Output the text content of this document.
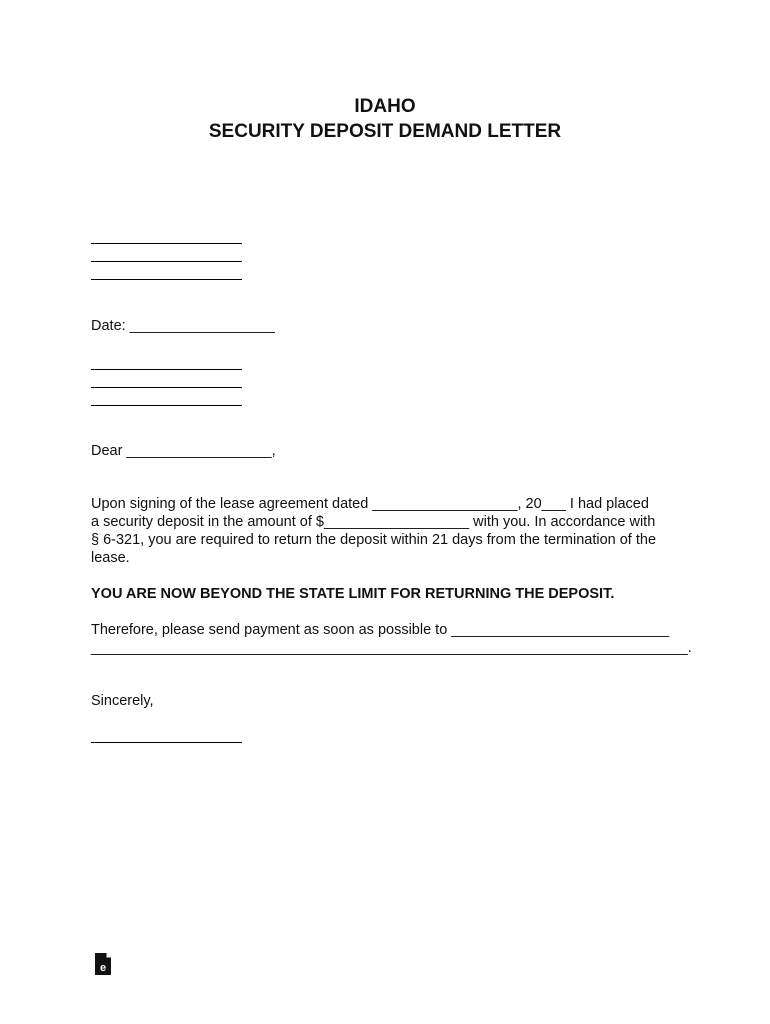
IDAHO
SECURITY DEPOSIT DEMAND LETTER
Date: __________________
Dear __________________,
Upon signing of the lease agreement dated __________________, 20___ I had placed
a security deposit in the amount of $__________________ with you. In accordance with
§ 6-321, you are required to return the deposit within 21 days from the termination of the
lease.
YOU ARE NOW BEYOND THE STATE LIMIT FOR RETURNING THE DEPOSIT.
Therefore, please send payment as soon as possible to ___________________________
__________________________________________________________________________.
Sincerely,
e
